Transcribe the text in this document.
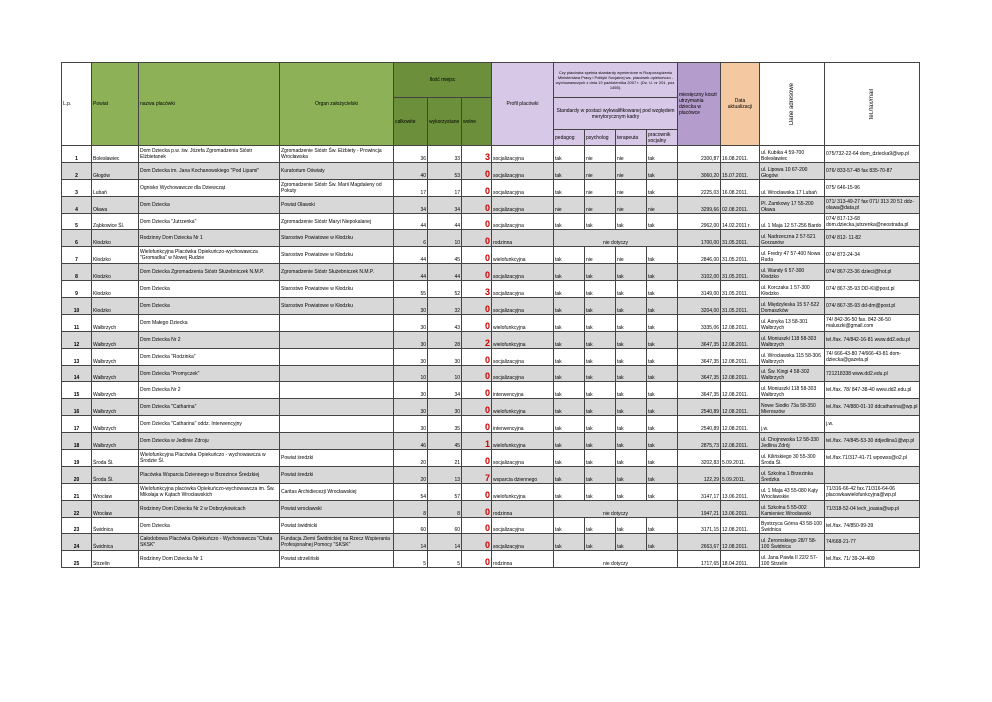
L.p.	Powiat	nazwa placówki	Organ założycielski	Ilość miejsc			Profil placówki	Czy placówka spełnia standardy wymienione w Rozporządzeniu Ministerstwa Pracy i Polityki Socjalnej ws. placówek opiekuńczo - wychowawczych z dnia 19 października 2007 r. (Dz. U. nr 201, poz. 1455).				miesięczny koszt utrzymania dziecka w placówce	Data aktualizacji	Dane adresowe	tel./fax/mail

				całkowite	wykorzystane	wolne		Standardy w postaci wykwalifikowanej pod względem merytorycznym kadry							
								pedagog	psycholog	terapeuta	pracownik socjalny				
1	Bolesławiec	Dom Dziecka p.w. św. Józefa Zgromadzenia Sióstr Elżbietanek	Zgromadzenie Sióstr Św. Elżbiety - Prowincja Wrocławska	36	33	3	socjalizacyjna	tak	nie	nie	tak	2300,87	16.08.2011.	ul. Kubika 4 59-700 Bolesławiec	075/732-22-64 dom_dziecka9@wp.pl
2	Głogów	Dom Dziecka im. Jana Kochanowskiego "Pod Lipami"	Kuratorium Oświaty	40	53	0	socjalizacyjna	tak	nie	nie	tak	3060,20	15.07.2011.	ul. Lipowa 10 67-200 Głogów	076/ 833-57-48 fax 835-70-87
3	Lubań	Ognisko Wychowawcze dla Dziewcząt	Zgromadzenie Sióstr Św. Marii Magdaleny od Pokuty	17	17	0	socjalizacyjna	tak	nie	nie	tak	2225,03	16.08.2011.	ul. Wrocławska 17 Lubań	075/ 646-15-96
4	Oława	Dom Dziecka	Powiat Oławski	34	34	0	socjalizacyjna	nie	nie	nie	nie	3299,66	02.08.2011.	Pl. Zamkowy 17 55-200 Oława	071/ 313-49-27 fax 071/ 313 20 51 ddz-olawa@data.pl
5	Ząbkowice Śl.	Dom Dziecka "Jutrzenka"	Zgromadzenie Sióstr Maryi Niepokalanej	44	44	0	socjalizacyjna	tak	tak	tak	tak	2962,00	14.02.2011 r.	ul. 1 Maja 12 57-256 Bardo	074/ 817-13-68 dom.dziecka.jutrzenka@neostrada.pl
6	Kłodzko	Rodzinny Dom Dziecka Nr 1	Starostwo Powiatowe w Kłodzku	6	10	0	rodzinna	nie dotyczy				1700,00	31.05.2011.	ul. Nadrzeczna 2 57-521 Gorzanów	074/ 812- 11-82
7	Kłodzko	Wielofunkcyjna Placówka Opiekuńczo-wychowawcza "Gromadka" w Nowej Rudzie	Starostwo Powiatowe w Kłodzku	44	45	0	wielofunkcyjna	tak	nie	nie	tak	2846,00	31.05.2011.	ul. Fredry 47 57-400 Nowa Ruda	074/ 872-24-34
8	Kłodzko	Dom Dziecka Zgromadzenia Sióstr Służebniczek N.M.P.	Zgromadzenie Sióstr Służebniczek N.M.P.	44	44	0	socjalizacyjna	tak	tak	tak	tak	3102,00	31.05.2011.	ul. Wandy 6 57-300 Kłodzko	074/ 867-23-36 dzieci@hot.pl
9	Kłodzko	Dom Dziecka	Starostwo Powiatowe w Kłodzku	55	52	3	socjalizacyjna	tak	tak	tak	tak	3149,00	31.05.2011.	ul. Korczaka 1 57-300 Kłodzko	074/ 867-35-93 DD-Kl@post.pl
10	Kłodzko	Dom Dziecka	Starostwo Powiatowe w Kłodzku	30	32	0	socjalizacyjna	tak	tak	tak	tak	3204,00	31.05.2011.	ul. Międzyleska 15 57-522 Domaszków	074/ 867-35-93 dd-dm@post.pl
11	Wałbrzych	Dom Małego Dziecka		30	43	0	wielofunkcyjna	tak	tak	tak	tak	3335,06	12.08.2011.	ul. Asnyka 13 58-301 Wałbrzych	74/ 842-36-50 fax. 842-36-50 maluszki@gmail.com
12	Wałbrzych	Dom Dziecka Nr 2		30	28	2	wielofunkcyjna	tak	tak	tak	tak	3647,35	12.08.2011.	ul. Moniuszki 118 58-303 Wałbrzych	tel./fax. 74/842-16-81 www.dd2.edu.pl
13	Wałbrzych	Dom Dziecka "Rodzinka"		30	30	0	socjalizacyjna	tak	tak	tak	tak	3647,35	12.08.2011.	ul. Wrocławska 115 58-306 Wałbrzych	74/ 666-43-80 74/666-43-81 dom-dziecka@gazeta.pl
14	Wałbrzych	Dom Dziecka "Promyczek"		10	10	0	socjalizacyjna	tak	tak	tak	tak	3647,35	12.08.2011.	ul. Św. Kingi 4 58-302 Wałbrzych	72121833​8 www.dd2.edu.pl
15	Wałbrzych	Dom Dziecka Nr 2		30	34	0	interwencyjna	tak	tak	tak	tak	3647,35	12.08.2011.	ul. Moniuszki 118 58-303 Wałbrzych	tel./fax. 78/ 847-38-40 www.dd2.edu.pl
16	Wałbrzych	Dom Dziecka "Catharina"		30	30	0	wielofunkcyjna	tak	tak	tak	tak	2540,89	12.08.2011.	Nowe Siodło 73a 58-350 Mieroszów	tel./fax. 74/880-01-10 ddcatharina@wp.pl
17	Wałbrzych	Dom Dziecka "Catharina" oddz. Interwencyjny		30	35	0	interwencyjna	tak	tak	tak	tak	2540,89	12.08.2011.	j.w.	j.w.
18	Wałbrzych	Dom Dziecka w Jedlinie Zdroju		46	45	1	wielofunkcyjna	tak	tak	tak	tak	2875,73	12.08.2011.	ul. Chojnowska 12 58-330 Jedlina Zdrój	tel./fax. 74/845-53-30 ddjedlina1@wp.pl
19	Środa Śl.	Wielofunkcyjna Placówka Opiekuńczo - wychowawcza w Środzie Śl.	Powiat średzki	20	21	0	socjalizacyjna	tak	tak	tak	tak	3202,83	5.09.2011.	ul. Kilińskiego 30 55-300 Środa Śl.	tel./fax.71/317-41-71 wpowss@o2.pl
20	Środa Śl.	Placówka Wsparcia Dziennego w Brzezince Średzkiej	Powiat średzki	20	13	7	wsparcia dziennego	tak	tak	tak	tak	122,29	5.09.2011.	ul. Szkolna 1 Brzezinka Średzka	
21	Wrocław	Wielofunkcyjna placówka Opiekuńczo-wychowawcza im. Św. Mikołaja w Kątach Wrocławskich	Caritas Archidiecezji Wrocławskiej	54	57	0	wielofunkcyjna	tak	tak	tak	tak	3147,17	13.06.2011.	ul. 1 Maja 43 55-080 Kąty Wrocławskie	71/316-66-42 fax.71/316-64-06 placowkawielofunkcyjna@wp.pl
22	Wrocław	Rodzinny Dom Dziecka Nr 2 w Dobrzykowicach	Powiat wrocławski	8	8	0	rodzinna	nie dotyczy				1947,21	13.06.2011.	ul. Szkolna 5 55-002 Kamieniec Wrocławski	71/318-52-04 lech_joasia@wp.pl
23	Świdnica	Dom Dziecka	Powiat świdnicki	60	60	0	socjalizacyjna	tak	tak	tak	tak	3171,15	12.08.2011.	Bystrzyca Górna 43 58-100 Świdnica	tel./fax. 74/850-99-39
24	Świdnica	Całodobowa Placówka Opiekuńczo - Wychowawcza "Chata SKSK"	Fundacja Ziemi Świdnickiej na Rzecz Wspierania Profesjonalnej Pomocy "SKSK"	14	14	0	socjalizacyjna	tak	tak	tak	tak	2663,67	12.08.2011.	ul. Żeromskiego 28/7 58-100 Świdnica	74/668-21-77
25	Strzelin	Rodzinny Dom Dziecka Nr 1	Powiat strzeliński	5	5	0	rodzinna	nie dotyczy				1717,65	18.04.2011.	ul. Jana Pawła II 22/2 57-100 Strzelin	tel./fax. 71/ 39-24-409
